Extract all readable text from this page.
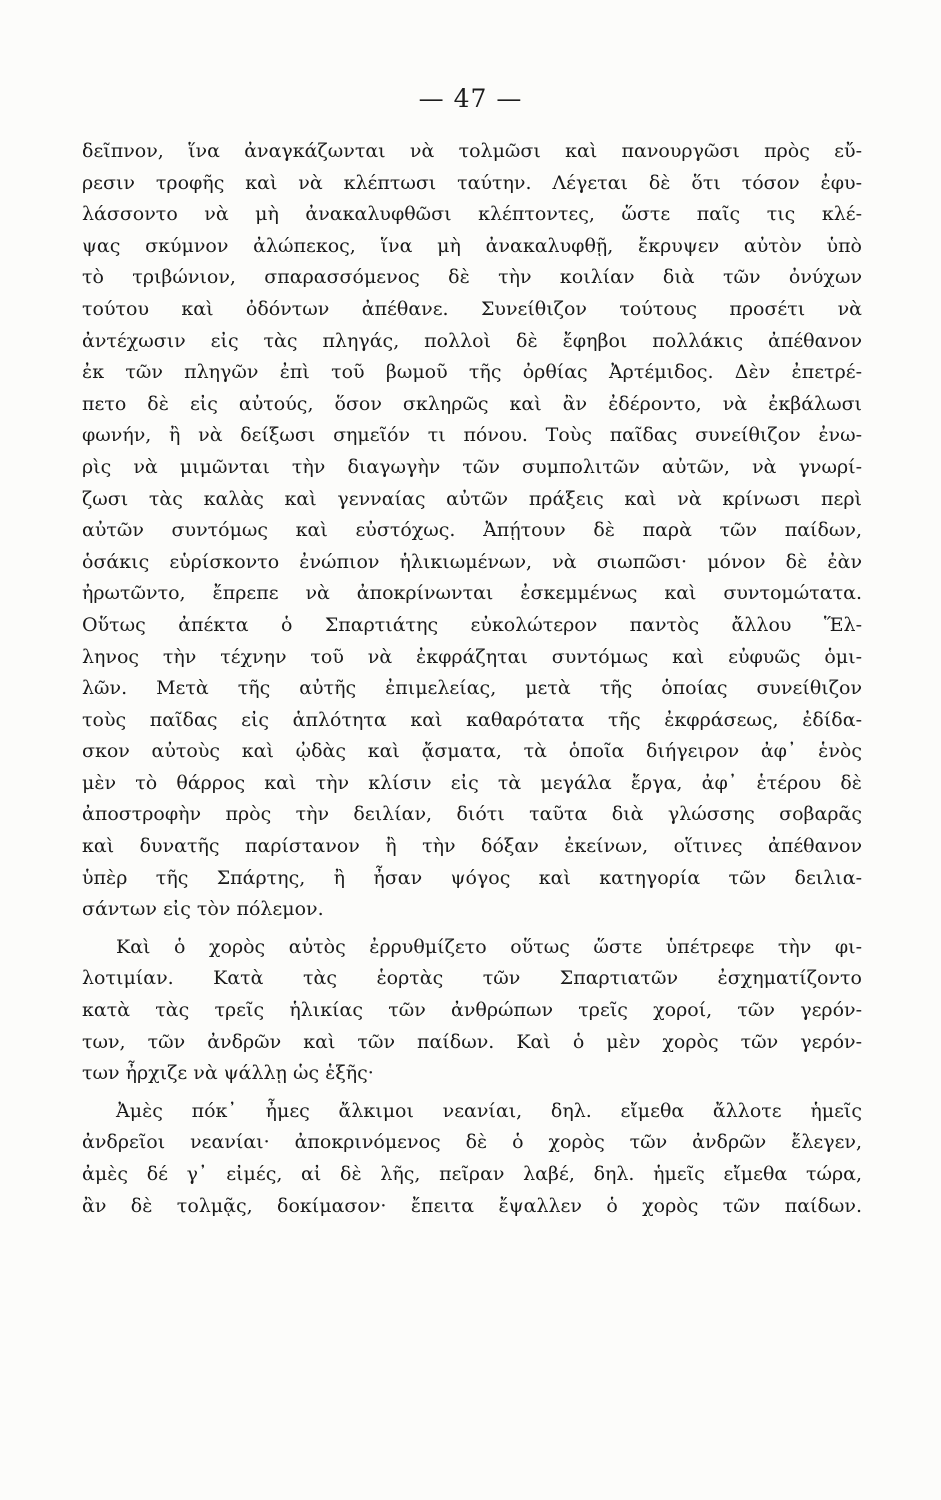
— 47 —
δεῖπνον, ἵνα ἀναγκάζωνται νὰ τολμῶσι καὶ πανουργῶσι πρὸς εὔ-
ρεσιν τροφῆς καὶ νὰ κλέπτωσι ταύτην. Λέγεται δὲ ὅτι τόσον ἐφυ-
λάσσοντο νὰ μὴ ἀνακαλυφθῶσι κλέπτοντες, ὥστε παῖς τις κλέ-
ψας σκύμνον ἀλώπεκος, ἵνα μὴ ἀνακαλυφθῇ, ἔκρυψεν αὐτὸν ὑπὸ
τὸ τριβώνιον, σπαρασσόμενος δὲ τὴν κοιλίαν διὰ τῶν ὀνύχων
τούτου καὶ ὀδόντων ἀπέθανε. Συνείθιζον τούτους προσέτι νὰ
ἀντέχωσιν εἰς τὰς πληγάς, πολλοὶ δὲ ἔφηβοι πολλάκις ἀπέθανον
ἐκ τῶν πληγῶν ἐπὶ τοῦ βωμοῦ τῆς ὀρθίας Ἀρτέμιδος. Δὲν ἐπετρέ-
πετο δὲ εἰς αὐτούς, ὅσον σκληρῶς καὶ ἂν ἐδέροντο, νὰ ἐκβάλωσι
φωνήν, ἢ νὰ δείξωσι σημεῖόν τι πόνου. Τοὺς παῖδας συνείθιζον ἐνω-
ρὶς νὰ μιμῶνται τὴν διαγωγὴν τῶν συμπολιτῶν αὐτῶν, νὰ γνωρί-
ζωσι τὰς καλὰς καὶ γενναίας αὐτῶν πράξεις καὶ νὰ κρίνωσι περὶ
αὐτῶν συντόμως καὶ εὐστόχως. Ἀπῄτουν δὲ παρὰ τῶν παίδων,
ὁσάκις εὑρίσκοντο ἐνώπιον ἡλικιωμένων, νὰ σιωπῶσι· μόνον δὲ ἐὰν
ἠρωτῶντο, ἔπρεπε νὰ ἀποκρίνωνται ἐσκεμμένως καὶ συντομώτατα.
Οὕτως ἀπέκτα ὁ Σπαρτιάτης εὐκολώτερον παντὸς ἄλλου Ἕλ-
ληνος τὴν τέχνην τοῦ νὰ ἐκφράζηται συντόμως καὶ εὐφυῶς ὁμι-
λῶν. Μετὰ τῆς αὐτῆς ἐπιμελείας, μετὰ τῆς ὁποίας συνείθιζον
τοὺς παῖδας εἰς ἁπλότητα καὶ καθαρότατα τῆς ἐκφράσεως, ἐδίδα-
σκον αὐτοὺς καὶ ᾠδὰς καὶ ᾄσματα, τὰ ὁποῖα διήγειρον ἀφ᾽ ἑνὸς
μὲν τὸ θάρρος καὶ τὴν κλίσιν εἰς τὰ μεγάλα ἔργα, ἀφ᾽ ἑτέρου δὲ
ἀποστροφὴν πρὸς τὴν δειλίαν, διότι ταῦτα διὰ γλώσσης σοβαρᾶς
καὶ δυνατῆς παρίστανον ἢ τὴν δόξαν ἐκείνων, οἵτινες ἀπέθανον
ὑπὲρ τῆς Σπάρτης, ἢ ἦσαν ψόγος καὶ κατηγορία τῶν δειλια-
σάντων εἰς τὸν πόλεμον.
Καὶ ὁ χορὸς αὐτὸς ἐρρυθμίζετο οὕτως ὥστε ὑπέτρεφε τὴν φι-
λοτιμίαν. Κατὰ τὰς ἑορτὰς τῶν Σπαρτιατῶν ἐσχηματίζοντο
κατὰ τὰς τρεῖς ἡλικίας τῶν ἀνθρώπων τρεῖς χοροί, τῶν γερόν-
των, τῶν ἀνδρῶν καὶ τῶν παίδων. Καὶ ὁ μὲν χορὸς τῶν γερόν-
των ἦρχιζε νὰ ψάλλῃ ὡς ἑξῆς·
Ἀμὲς πόκ᾽ ἦμες ἄλκιμοι νεανίαι, δηλ. εἴμεθα ἄλλοτε ἡμεῖς
ἀνδρεῖοι νεανίαι· ἀποκρινόμενος δὲ ὁ χορὸς τῶν ἀνδρῶν ἔλεγεν,
ἀμὲς δέ γ᾽ εἰμές, αἰ δὲ λῆς, πεῖραν λαβέ, δηλ. ἡμεῖς εἴμεθα τώρα,
ἂν δὲ τολμᾷς, δοκίμασον· ἔπειτα ἔψαλλεν ὁ χορὸς τῶν παίδων.
